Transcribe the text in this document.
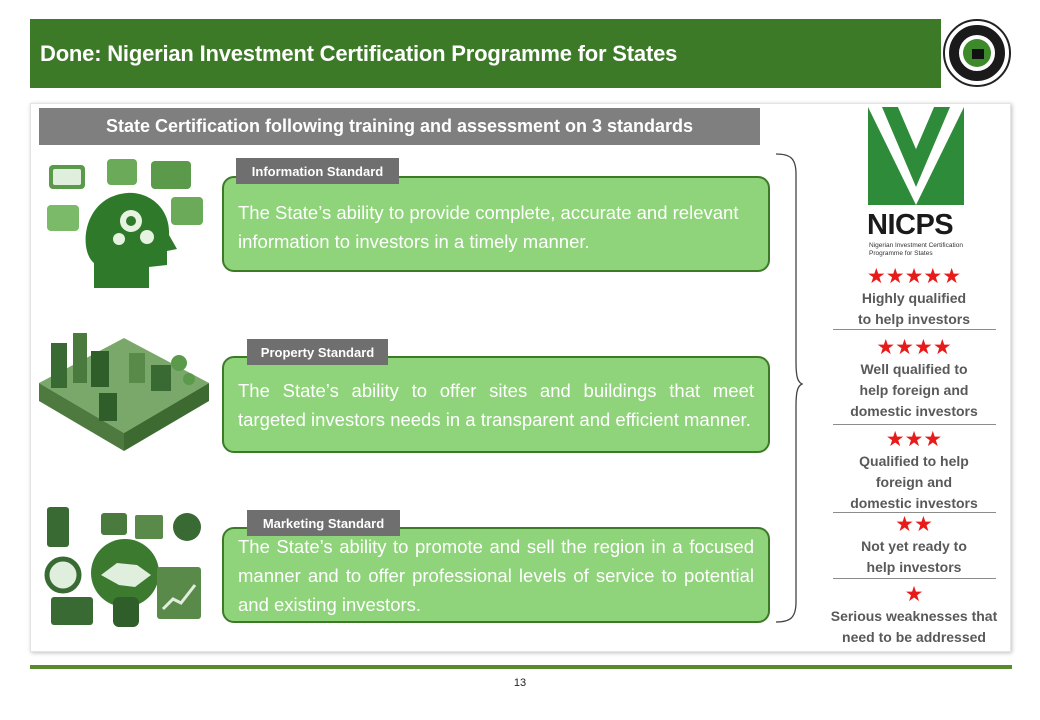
Done: Nigerian Investment Certification Programme for States
State Certification following training and assessment on 3 standards
Information Standard

The State’s ability to provide complete, accurate and relevant information to investors in a timely manner.

Property Standard

The State’s ability to offer sites and buildings that meet targeted investors needs in a transparent and efficient manner.

Marketing Standard

The State’s ability to promote and sell the region in a focused manner and to offer professional levels of service to potential and existing investors.

NICPS
Nigerian Investment Certification Programme for States
★★★★★
Highly qualified
to help investors
★★★★
Well qualified to
help foreign and
domestic investors
★★★
Qualified to help
foreign and
domestic investors
★★
Not yet ready to
help investors
★
Serious weaknesses that
need to be addressed
13
